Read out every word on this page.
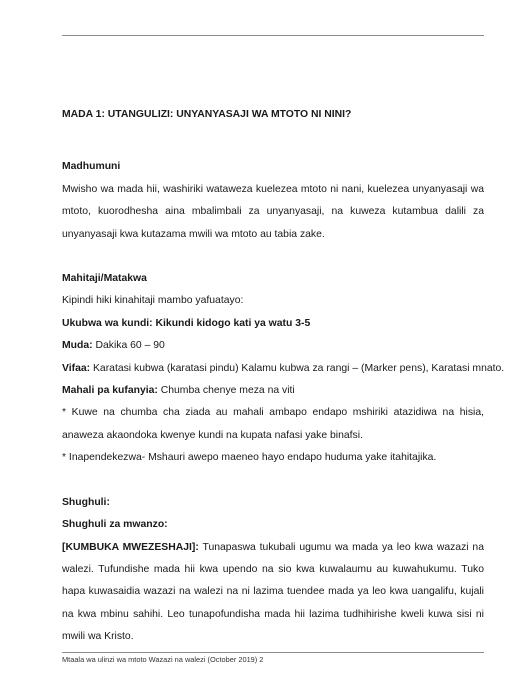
MADA 1: UTANGULIZI: UNYANYASAJI WA MTOTO NI NINI?
Madhumuni
Mwisho wa mada hii, washiriki wataweza kuelezea mtoto ni nani, kuelezea unyanyasaji wa mtoto, kuorodhesha aina mbalimbali za unyanyasaji, na kuweza kutambua dalili za unyanyasaji kwa kutazama mwili wa mtoto au tabia zake.
Mahitaji/Matakwa
Kipindi hiki kinahitaji mambo yafuatayo:
Ukubwa wa kundi: Kikundi kidogo kati ya watu 3-5
Muda: Dakika 60 – 90
Vifaa: Karatasi kubwa (karatasi pindu) Kalamu kubwa za rangi – (Marker pens), Karatasi mnato.
Mahali pa kufanyia: Chumba chenye meza na viti
* Kuwe na chumba cha ziada au mahali ambapo endapo mshiriki atazidiwa na hisia, anaweza akaondoka kwenye kundi na kupata nafasi yake binafsi.
* Inapendekezwa- Mshauri awepo maeneo hayo endapo huduma yake itahitajika.
Shughuli:
Shughuli za mwanzo:
[KUMBUKA MWEZESHAJI]: Tunapaswa tukubali ugumu wa mada ya leo kwa wazazi na walezi. Tufundishe mada hii kwa upendo na sio kwa kuwalaumu au kuwahukumu. Tuko hapa kuwasaidia wazazi na walezi na ni lazima tuendee mada ya leo kwa uangalifu, kujali na kwa mbinu sahihi. Leo tunapofundisha mada hii lazima tudhihirishe kweli kuwa sisi ni mwili wa Kristo.
Mtaala wa ulinzi wa mtoto Wazazi na walezi (October 2019) 2
